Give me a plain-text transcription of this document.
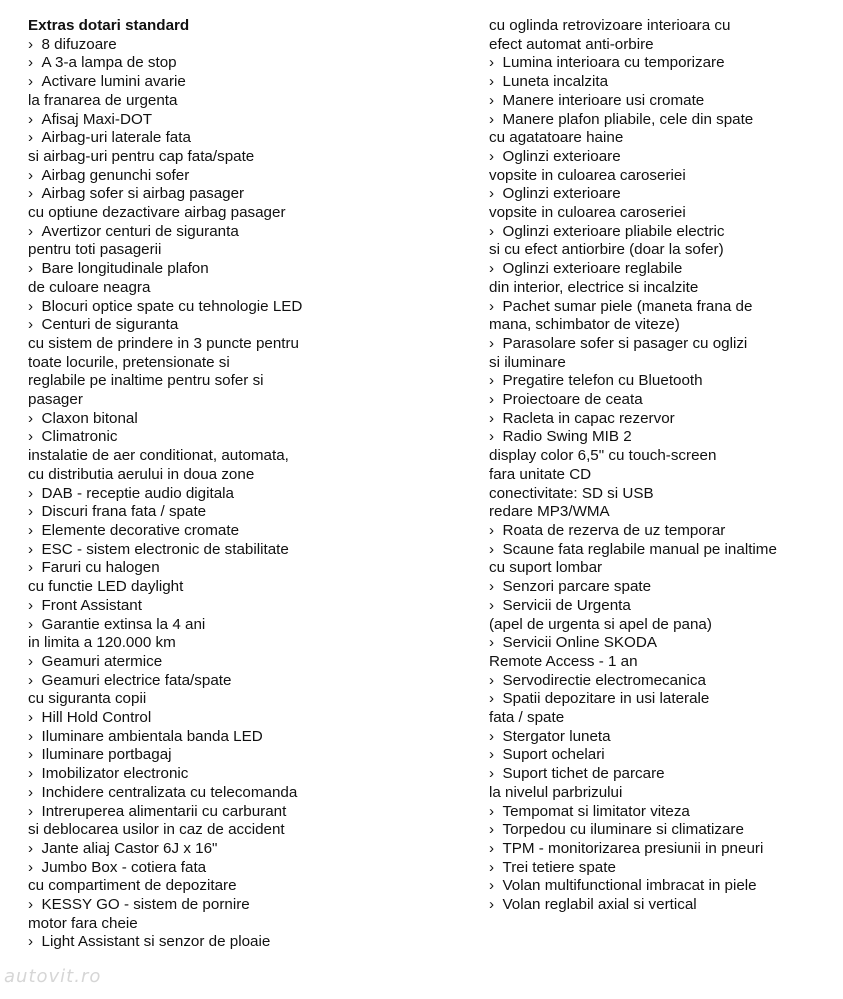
Extras dotari standard
›  8 difuzoare
›  A 3-a lampa de stop
›  Activare lumini avarie
la franarea de urgenta
›  Afisaj Maxi-DOT
›  Airbag-uri laterale fata
si airbag-uri pentru cap fata/spate
›  Airbag genunchi sofer
›  Airbag sofer si airbag pasager
cu optiune dezactivare airbag pasager
›  Avertizor centuri de siguranta
pentru toti pasagerii
›  Bare longitudinale plafon
de culoare neagra
›  Blocuri optice spate cu tehnologie LED
›  Centuri de siguranta
cu sistem de prindere in 3 puncte pentru
toate locurile, pretensionate si
reglabile pe inaltime pentru sofer si
pasager
›  Claxon bitonal
›  Climatronic
instalatie de aer conditionat, automata,
cu distributia aerului in doua zone
›  DAB - receptie audio digitala
›  Discuri frana fata / spate
›  Elemente decorative cromate
›  ESC - sistem electronic de stabilitate
›  Faruri cu halogen
cu functie LED daylight
›  Front Assistant
›  Garantie extinsa la 4 ani
in limita a 120.000 km
›  Geamuri atermice
›  Geamuri electrice fata/spate
cu siguranta copii
›  Hill Hold Control
›  Iluminare ambientala banda LED
›  Iluminare portbagaj
›  Imobilizator electronic
›  Inchidere centralizata cu telecomanda
›  Intreruperea alimentarii cu carburant
si deblocarea usilor in caz de accident
›  Jante aliaj Castor 6J x 16"
›  Jumbo Box - cotiera fata
cu compartiment de depozitare
›  KESSY GO - sistem de pornire
motor fara cheie
›  Light Assistant si senzor de ploaie
cu oglinda retrovizoare interioara cu
efect automat anti-orbire
›  Lumina interioara cu temporizare
›  Luneta incalzita
›  Manere interioare usi cromate
›  Manere plafon pliabile, cele din spate
cu agatatoare haine
›  Oglinzi exterioare
vopsite in culoarea caroseriei
›  Oglinzi exterioare
vopsite in culoarea caroseriei
›  Oglinzi exterioare pliabile electric
si cu efect antiorbire (doar la sofer)
›  Oglinzi exterioare reglabile
din interior, electrice si incalzite
›  Pachet sumar piele (maneta frana de
mana, schimbator de viteze)
›  Parasolare sofer si pasager cu oglizi
si iluminare
›  Pregatire telefon cu Bluetooth
›  Proiectoare de ceata
›  Racleta in capac rezervor
›  Radio Swing MIB 2
display color 6,5" cu touch-screen
fara unitate CD
conectivitate: SD si USB
redare MP3/WMA
›  Roata de rezerva de uz temporar
›  Scaune fata reglabile manual pe inaltime
cu suport lombar
›  Senzori parcare spate
›  Servicii de Urgenta
(apel de urgenta si apel de pana)
›  Servicii Online SKODA
Remote Access - 1 an
›  Servodirectie electromecanica
›  Spatii depozitare in usi laterale
fata / spate
›  Stergator luneta
›  Suport ochelari
›  Suport tichet de parcare
la nivelul parbrizului
›  Tempomat si limitator viteza
›  Torpedou cu iluminare si climatizare
›  TPM - monitorizarea presiunii in pneuri
›  Trei tetiere spate
›  Volan multifunctional imbracat in piele
›  Volan reglabil axial si vertical
autovit.ro
